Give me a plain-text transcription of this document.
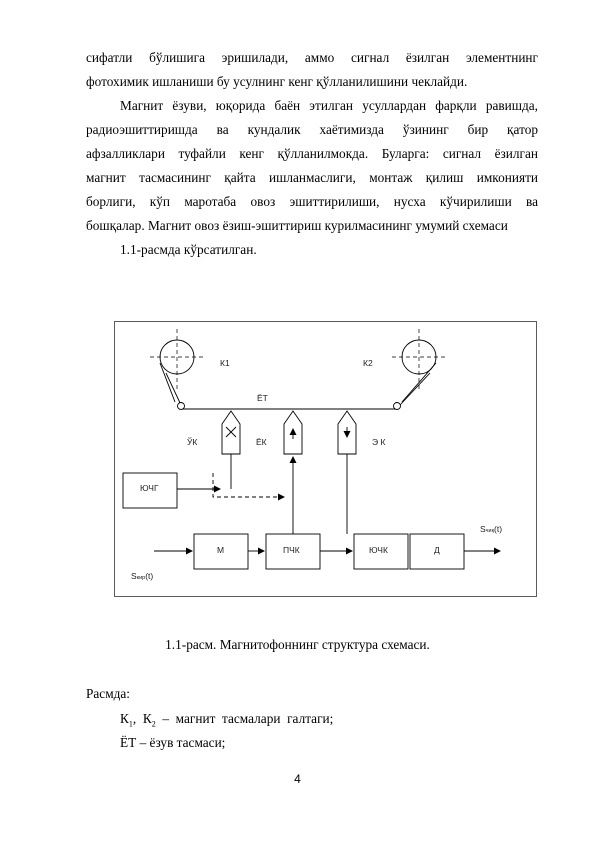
сифатли бўлишига эришилади, аммо сигнал ёзилган элементнинг

фотохимик ишланиши бу усулнинг кенг қўлланилишини чеклайди.

Магнит ёзуви, юқорида баён этилган усуллардан фарқли равишда,

радиоэшиттиришда ва кундалик хаётимизда ўзининг бир қатор

афзалликлари туфайли кенг қўлланилмокда. Буларга: сигнал ёзилган

магнит тасмасининг қайта ишланмаслиги, монтаж қилиш имконияти

борлиги, кўп маротаба овоз эшиттирилиши, нусха кўчирилиши ва

бошқалар. Магнит овоз ёзиш-эшиттириш курилмасининг умумий схемаси

1.1-расмда кўрсатилган.

К1	К2
ЁТ
ЎК	ЁК	Э К
ЮЧГ
М	ПЧК	ЮЧК	Д
Sчиқ(t)
Sкир(t)
1.1-расм. Магнитофоннинг структура схемаси.
Расмда:
$К_1$,  $К_2$  –  магнит  тасмалари  галтаги;
ЁТ – ёзув тасмаси;
4
